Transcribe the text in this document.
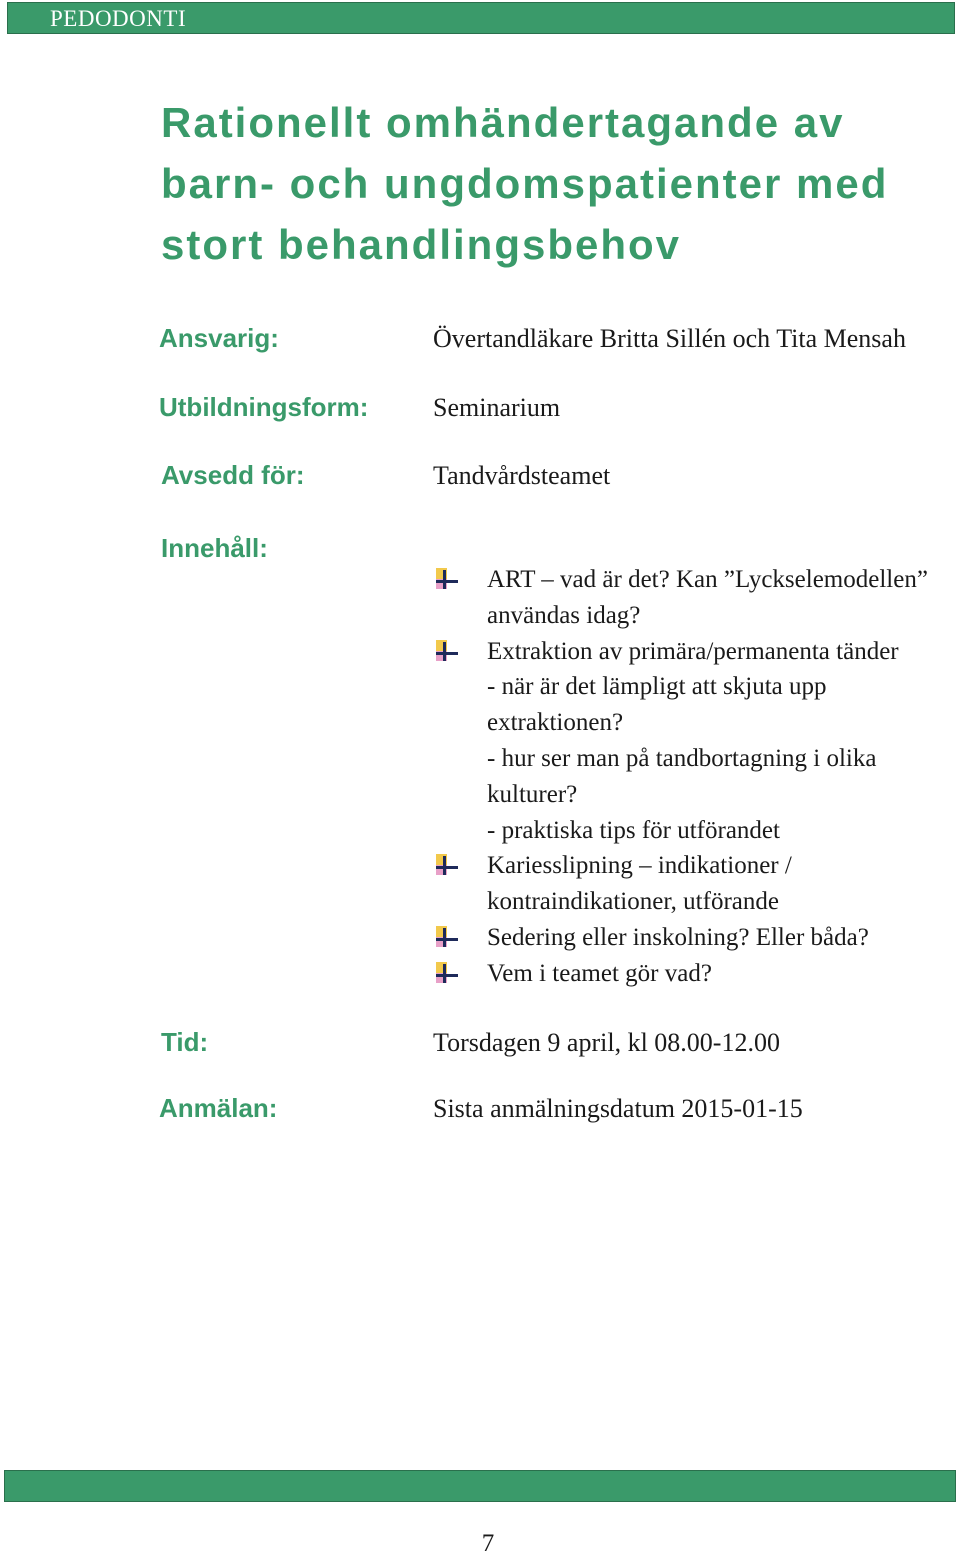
PEDODONTI
Rationellt omhändertagande av
barn- och ungdomspatienter med
stort behandlingsbehov
Ansvarig:	Övertandläkare Britta Sillén och Tita Mensah
Utbildningsform: Seminarium
Avsedd för:	Tandvårdsteamet
Innehåll:
ART – vad är det? Kan ”Lyckselemodellen”
användas idag?
Extraktion av primära/permanenta tänder
- när är det lämpligt att skjuta upp
extraktionen?
- hur ser man på tandbortagning i olika
kulturer?
- praktiska tips för utförandet
Kariesslipning – indikationer /
kontraindikationer, utförande
Sedering eller inskolning? Eller båda?
Vem i teamet gör vad?
Tid:	Torsdagen 9 april, kl 08.00-12.00
Anmälan:	Sista anmälningsdatum 2015-01-15
7
